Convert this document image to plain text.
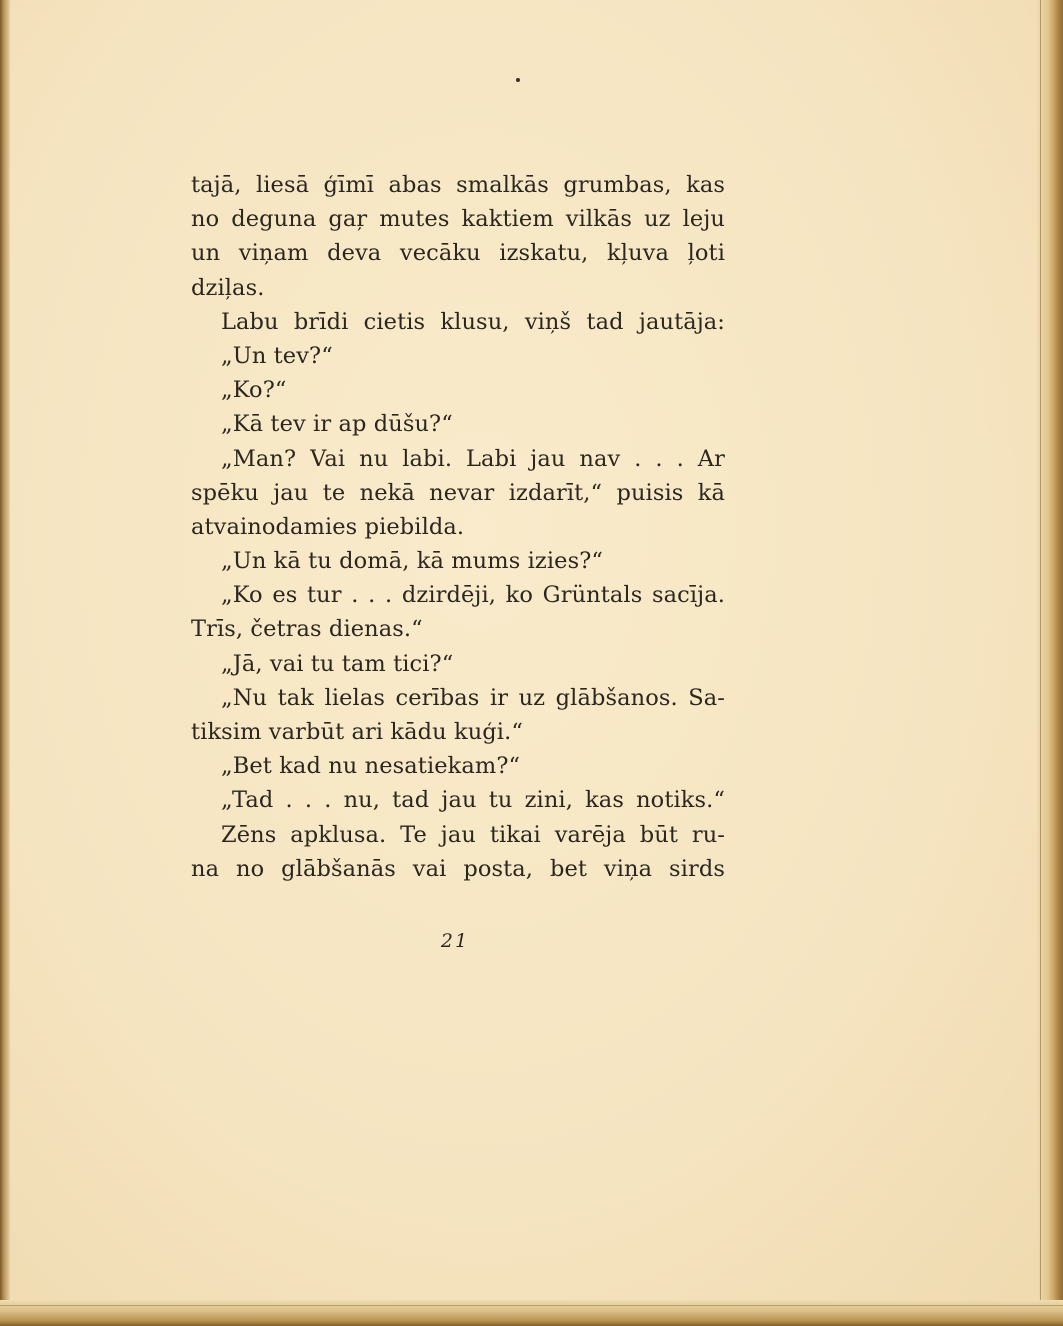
tajā, liesā ģīmī abas smalkās grumbas, kas
no deguna gaŗ mutes kaktiem vilkās uz leju
un viņam deva vecāku izskatu, kļuva ļoti
dziļas.
Labu brīdi cietis klusu, viņš tad jautāja:
„Un tev?“
„Ko?“
„Kā tev ir ap dūšu?“
„Man? Vai nu labi. Labi jau nav . . . Ar
spēku jau te nekā nevar izdarīt,“ puisis kā
atvainodamies piebilda.
„Un kā tu domā, kā mums izies?“
„Ko es tur . . . dzirdēji, ko Grüntals sacīja.
Trīs, četras dienas.“
„Jā, vai tu tam tici?“
„Nu tak lielas cerības ir uz glābšanos. Sa-
tiksim varbūt ari kādu kuģi.“
„Bet kad nu nesatiekam?“
„Tad . . . nu, tad jau tu zini, kas notiks.“
Zēns apklusa. Te jau tikai varēja būt ru-
na no glābšanās vai posta, bet viņa sirds
21
